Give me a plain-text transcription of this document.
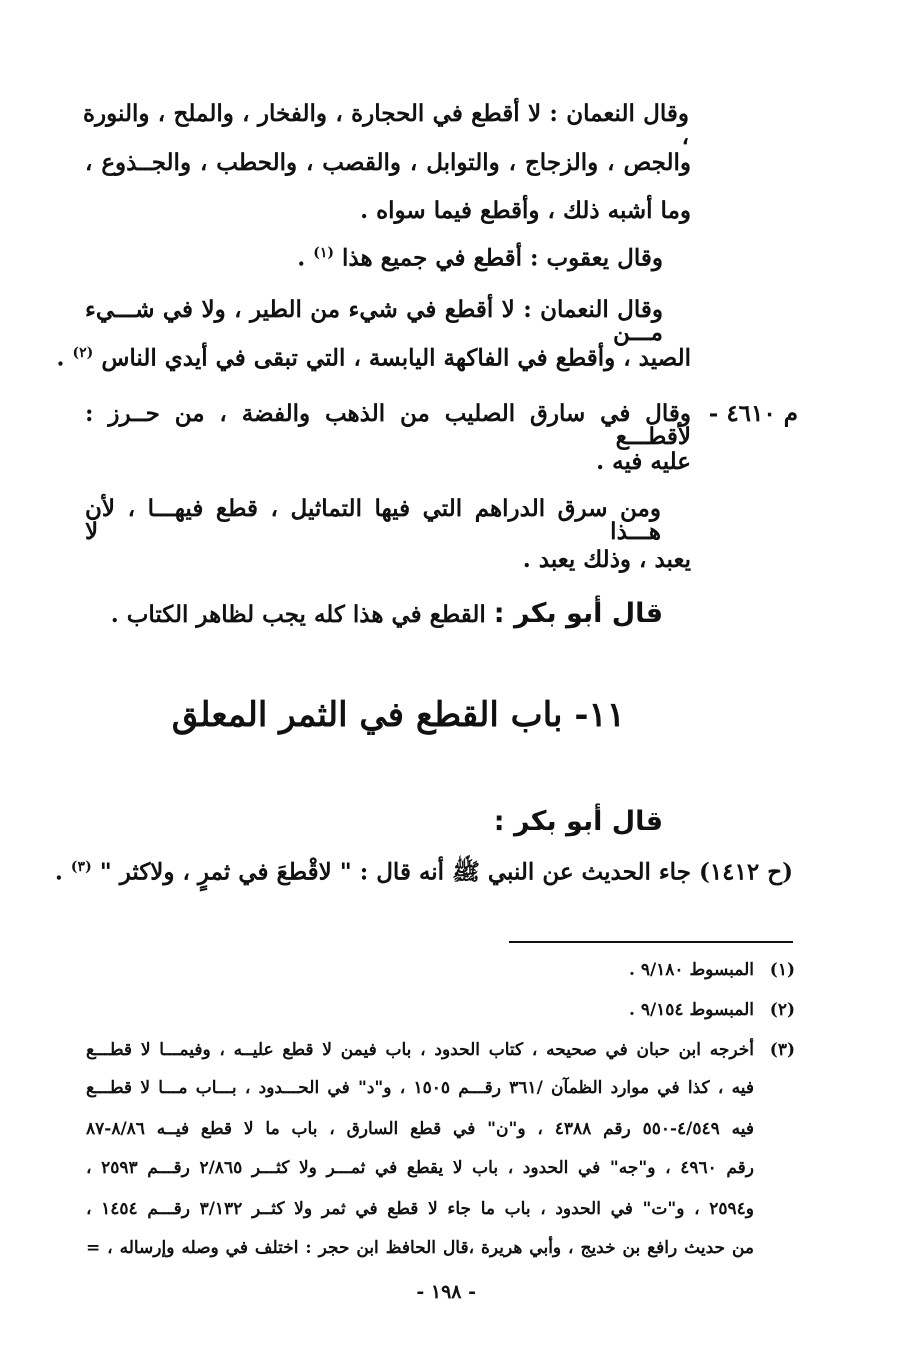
وقال النعمان : لا أقطع في الحجارة ، والفخار ، والملح ، والنورة ،
والجص ، والزجاج ، والتوابل ، والقصب ، والحطب ، والجــذوع ،
وما أشبه ذلك ، وأقطع فيما سواه .
وقال يعقوب : أقطع في جميع هذا $^{(١)}$ .
وقال النعمان : لا أقطع في شيء من الطير ، ولا في شـــيء مـــن
الصيد ، وأقطع في الفاكهة اليابسة ، التي تبقى في أيدي الناس $^{(٢)}$ .
م ٤٦١٠ -
وقال في سارق الصليب من الذهب والفضة ، من حــرز : لأقطـــع
عليه فيه .
ومن سرق الدراهم التي فيها التماثيل ، قطع فيهـــا ، لأن هـــذا لا
يعبد ، وذلك يعبد .
قال أبو بكر : القطع في هذا كله يجب لظاهر الكتاب .
١١- باب القطع في الثمر المعلق
قال أبو بكر :
(ح ١٤١٢) جاء الحديث عن النبي ﷺ أنه قال : " لاقْطعَ في ثمرٍ ، ولاكثر " $^{(٣)}$ .
(١)
المبسوط ٩/١٨٠ .
(٢)
المبسوط ٩/١٥٤ .
(٣)
أخرجه ابن حبان في صحيحه ، كتاب الحدود ، باب فيمن لا قطع عليــه ، وفيمـــا لا قطـــع
فيه ، كذا في موارد الظمآن /٣٦١ رقـــم ١٥٠٥ ، و"د" في الحـــدود ، بـــاب مـــا لا قطـــع
فيه ٤/٥٤٩-٥٥٠ رقم ٤٣٨٨ ، و"ن" في قطع السارق ، باب ما لا قطع فيــه ٨/٨٦-٨٧
رقم ٤٩٦٠ ، و"جه" في الحدود ، باب لا يقطع في ثمـــر ولا كثـــر ٢/٨٦٥ رقـــم ٢٥٩٣ ،
و٢٥٩٤ ، و"ت" في الحدود ، باب ما جاء لا قطع في ثمر ولا كثــر ٣/١٣٢ رقـــم ١٤٥٤ ،
من حديث رافع بن خديج ، وأبي هريرة ،قال الحافظ ابن حجر : اختلف في وصله وإرساله ، =
- ١٩٨ -
